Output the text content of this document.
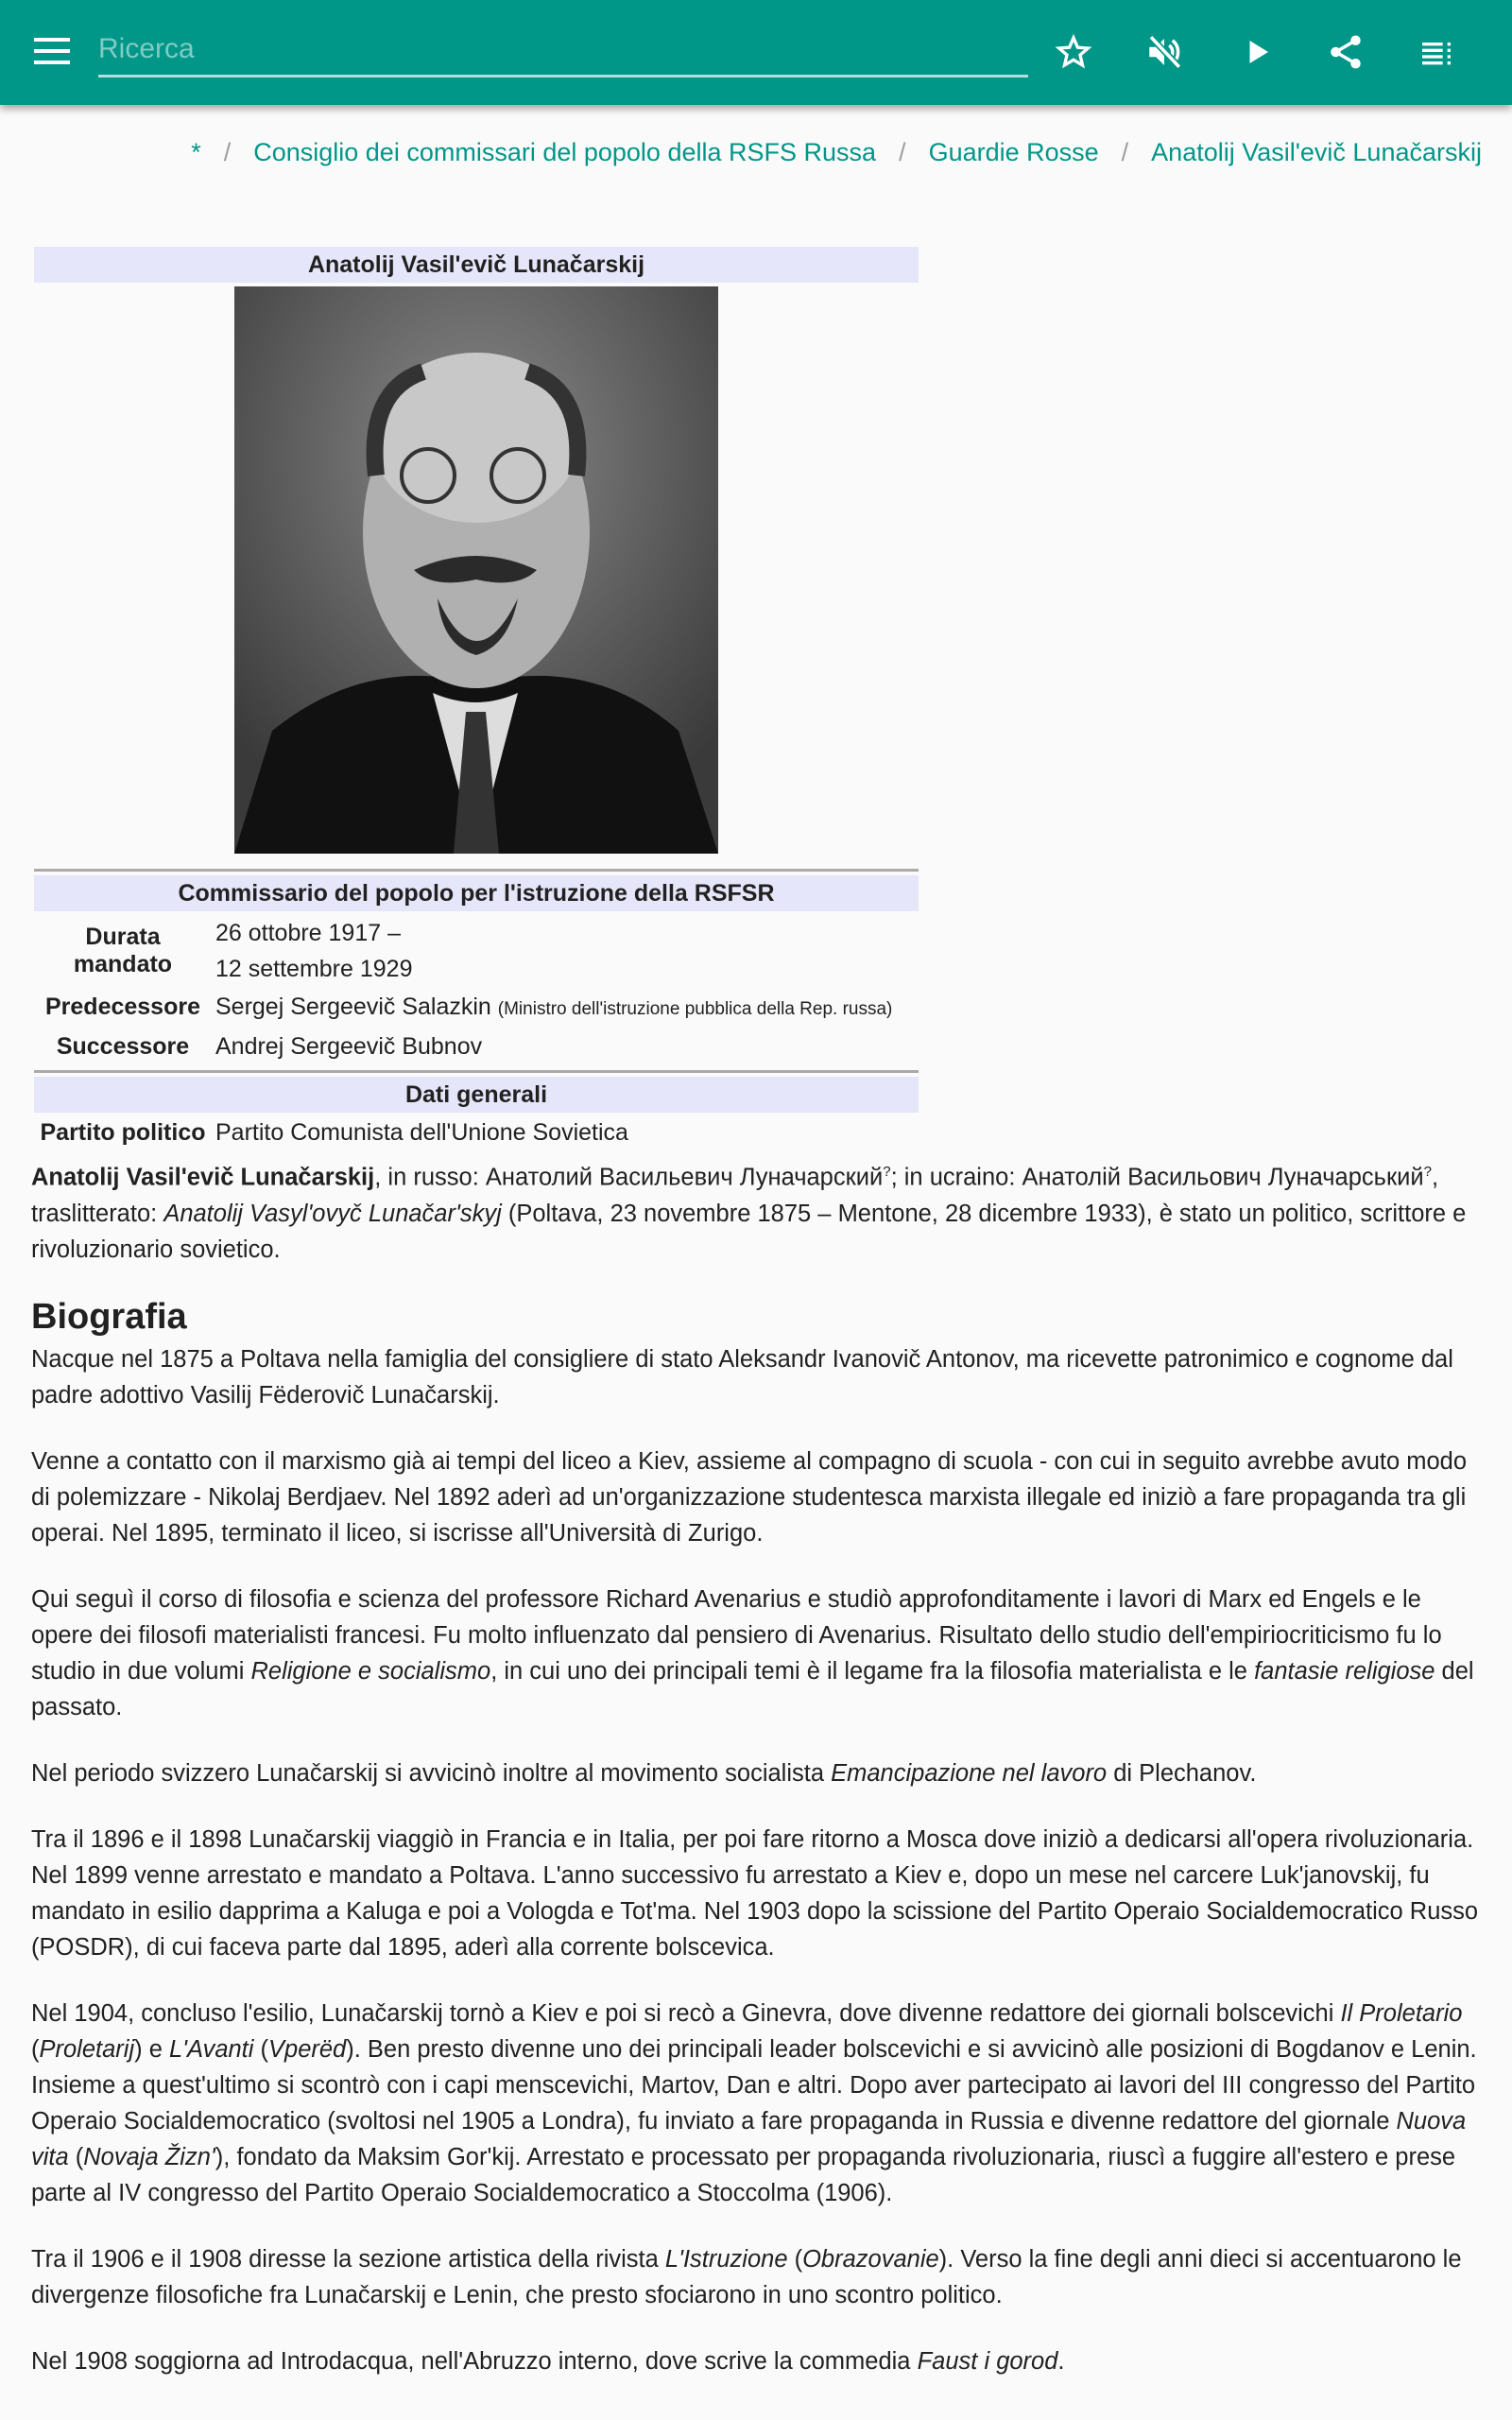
Ricerca
* / Consiglio dei commissari del popolo della RSFS Russa / Guardie Rosse / Anatolij Vasil'evič Lunačarskij
Anatolij Vasil'evič Lunačarskij
Commissario del popolo per l'istruzione della RSFSR
Durata mandato
26 ottobre 1917 –
12 settembre 1929
Predecessore Sergej Sergeevič Salazkin (Ministro dell'istruzione pubblica della Rep. russa)
Successore	Andrej Sergeevič Bubnov
Dati generali
Partito politico Partito Comunista dell'Unione Sovietica

Anatolij Vasil'evič Lunačarskij, in russo: Анатолий Васильевич Луначарский?; in ucraino: Анатолій Васильович Луначарський?, traslitterato: Anatolij Vasyl'ovyč Lunačar'skyj (Poltava, 23 novembre 1875 – Mentone, 28 dicembre 1933), è stato un politico, scrittore e rivoluzionario sovietico.

Biografia

Nacque nel 1875 a Poltava nella famiglia del consigliere di stato Aleksandr Ivanovič Antonov, ma ricevette patronimico e cognome dal padre adottivo Vasilij Fëderovič Lunačarskij.

Venne a contatto con il marxismo già ai tempi del liceo a Kiev, assieme al compagno di scuola - con cui in seguito avrebbe avuto modo di polemizzare - Nikolaj Berdjaev. Nel 1892 aderì ad un'organizzazione studentesca marxista illegale ed iniziò a fare propaganda tra gli operai. Nel 1895, terminato il liceo, si iscrisse all'Università di Zurigo.

Qui seguì il corso di filosofia e scienza del professore Richard Avenarius e studiò approfonditamente i lavori di Marx ed Engels e le opere dei filosofi materialisti francesi. Fu molto influenzato dal pensiero di Avenarius. Risultato dello studio dell'empiriocriticismo fu lo studio in due volumi Religione e socialismo, in cui uno dei principali temi è il legame fra la filosofia materialista e le fantasie religiose del passato.

Nel periodo svizzero Lunačarskij si avvicinò inoltre al movimento socialista Emancipazione nel lavoro di Plechanov.

Tra il 1896 e il 1898 Lunačarskij viaggiò in Francia e in Italia, per poi fare ritorno a Mosca dove iniziò a dedicarsi all'opera rivoluzionaria. Nel 1899 venne arrestato e mandato a Poltava. L'anno successivo fu arrestato a Kiev e, dopo un mese nel carcere Luk'janovskij, fu mandato in esilio dapprima a Kaluga e poi a Vologda e Tot'ma. Nel 1903 dopo la scissione del Partito Operaio Socialdemocratico Russo (POSDR), di cui faceva parte dal 1895, aderì alla corrente bolscevica.

Nel 1904, concluso l'esilio, Lunačarskij tornò a Kiev e poi si recò a Ginevra, dove divenne redattore dei giornali bolscevichi Il Proletario (Proletarij) e L'Avanti (Vperëd). Ben presto divenne uno dei principali leader bolscevichi e si avvicinò alle posizioni di Bogdanov e Lenin. Insieme a quest'ultimo si scontrò con i capi menscevichi, Martov, Dan e altri. Dopo aver partecipato ai lavori del III congresso del Partito Operaio Socialdemocratico (svoltosi nel 1905 a Londra), fu inviato a fare propaganda in Russia e divenne redattore del giornale Nuova vita (Novaja Žizn'), fondato da Maksim Gor'kij. Arrestato e processato per propaganda rivoluzionaria, riuscì a fuggire all'estero e prese parte al IV congresso del Partito Operaio Socialdemocratico a Stoccolma (1906).

Tra il 1906 e il 1908 diresse la sezione artistica della rivista L'Istruzione (Obrazovanie). Verso la fine degli anni dieci si accentuarono le divergenze filosofiche fra Lunačarskij e Lenin, che presto sfociarono in uno scontro politico.

Nel 1908 soggiorna ad Introdacqua, nell'Abruzzo interno, dove scrive la commedia Faust i gorod.
